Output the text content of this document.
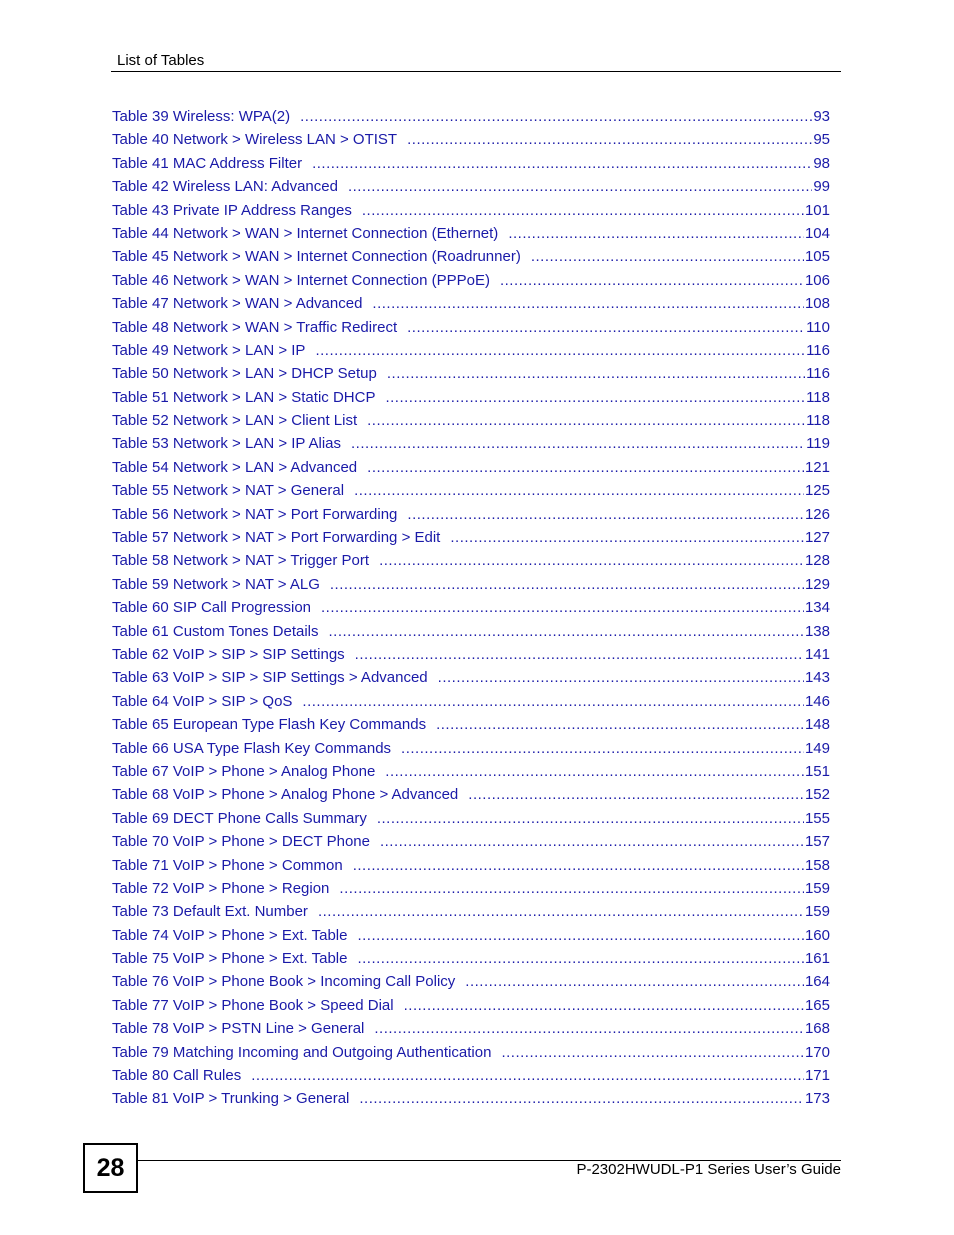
List of Tables
Table 39 Wireless: WPA(2) .....	93
Table 40 Network > Wireless LAN > OTIST .....	95
Table 41 MAC Address Filter .....	98
Table 42 Wireless LAN: Advanced .....	99
Table 43 Private IP Address Ranges .....	101
Table 44 Network > WAN > Internet Connection (Ethernet) .....	104
Table 45 Network > WAN > Internet Connection (Roadrunner) .....	105
Table 46 Network > WAN > Internet Connection (PPPoE) .....	106
Table 47 Network > WAN > Advanced .....	108
Table 48 Network > WAN > Traffic Redirect .....	110
Table 49 Network > LAN > IP .....	116
Table 50 Network > LAN > DHCP Setup .....	116
Table 51 Network > LAN > Static DHCP .....	118
Table 52 Network > LAN > Client List .....	118
Table 53 Network > LAN > IP Alias .....	119
Table 54 Network > LAN > Advanced .....	121
Table 55 Network > NAT > General .....	125
Table 56 Network > NAT > Port Forwarding .....	126
Table 57 Network > NAT > Port Forwarding > Edit .....	127
Table 58 Network > NAT > Trigger Port .....	128
Table 59 Network > NAT > ALG .....	129
Table 60 SIP Call Progression .....	134
Table 61 Custom Tones Details .....	138
Table 62 VoIP > SIP > SIP Settings .....	141
Table 63 VoIP > SIP > SIP Settings > Advanced .....	143
Table 64 VoIP > SIP > QoS .....	146
Table 65 European Type Flash Key Commands .....	148
Table 66 USA Type Flash Key Commands .....	149
Table 67 VoIP > Phone > Analog Phone .....	151
Table 68 VoIP > Phone > Analog Phone > Advanced .....	152
Table 69 DECT Phone Calls Summary .....	155
Table 70 VoIP > Phone > DECT Phone .....	157
Table 71 VoIP > Phone > Common .....	158
Table 72 VoIP > Phone > Region .....	159
Table 73 Default Ext. Number .....	159
Table 74 VoIP > Phone > Ext. Table .....	160
Table 75 VoIP > Phone > Ext. Table .....	161
Table 76 VoIP > Phone Book > Incoming Call Policy .....	164
Table 77 VoIP > Phone Book > Speed Dial .....	165
Table 78 VoIP > PSTN Line > General .....	168
Table 79 Matching Incoming and Outgoing Authentication .....	170
Table 80 Call Rules .....	171
Table 81 VoIP > Trunking > General .....	173
28	P-2302HWUDL-P1 Series User’s Guide
